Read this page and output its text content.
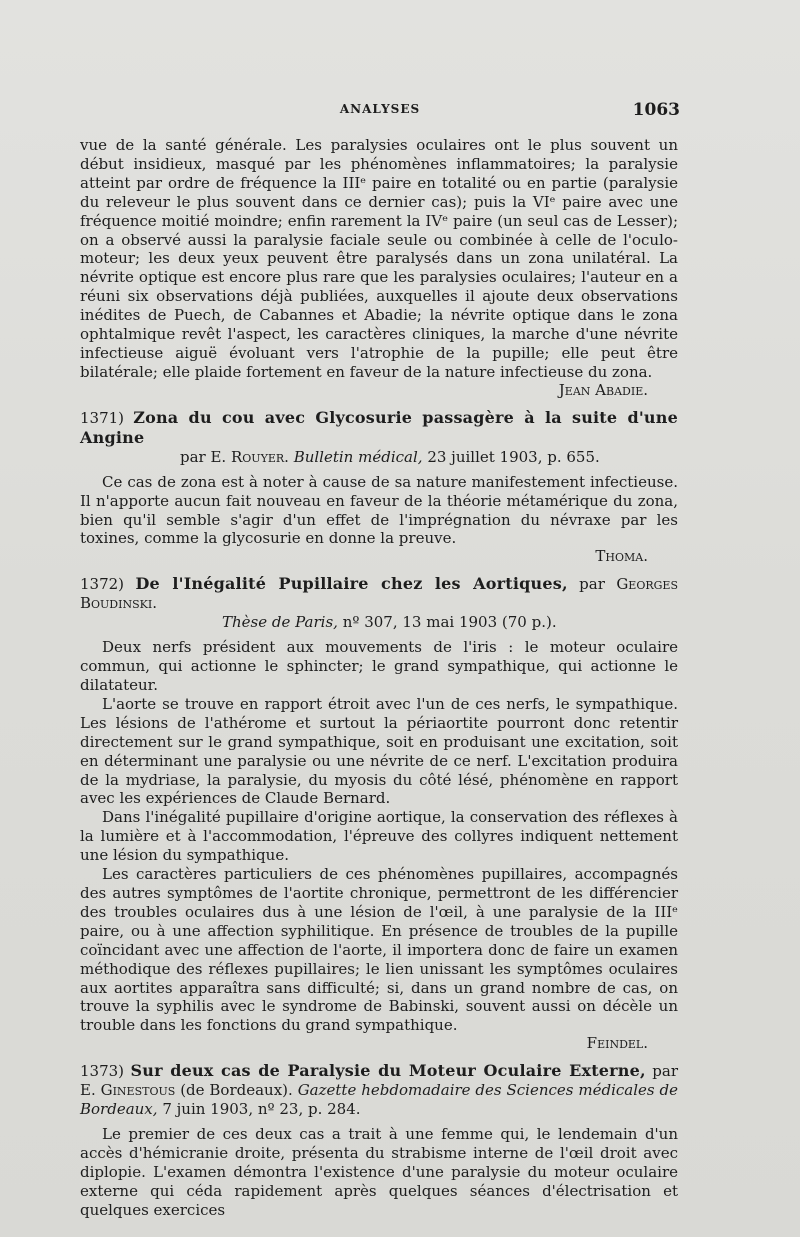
ANALYSES	1063

vue de la santé générale. Les paralysies oculaires ont le plus souvent un début insidieux, masqué par les phénomènes inflammatoires; la paralysie atteint par ordre de fréquence la IIIᵉ paire en totalité ou en partie (paralysie du releveur le plus souvent dans ce dernier cas); puis la VIᵉ paire avec une fréquence moitié moindre; enfin rarement la IVᵉ paire (un seul cas de Lesser); on a observé aussi la paralysie faciale seule ou combinée à celle de l'oculo-moteur; les deux yeux peuvent être paralysés dans un zona unilatéral. La névrite optique est encore plus rare que les paralysies oculaires; l'auteur en a réuni six observations déjà publiées, auxquelles il ajoute deux observations inédites de Puech, de Cabannes et Abadie; la névrite optique dans le zona ophtalmique revêt l'aspect, les caractères cliniques, la marche d'une névrite infectieuse aiguë évoluant vers l'atrophie de la pupille; elle peut être bilatérale; elle plaide fortement en faveur de la nature infectieuse du zona.

Jean Abadie.

1371) Zona du cou avec Glycosurie passagère à la suite d'une Angine
par E. Rouyer. Bulletin médical, 23 juillet 1903, p. 655.

Ce cas de zona est à noter à cause de sa nature manifestement infectieuse. Il n'apporte aucun fait nouveau en faveur de la théorie métamérique du zona, bien qu'il semble s'agir d'un effet de l'imprégnation du névraxe par les toxines, comme la glycosurie en donne la preuve.

Thoma.

1372) De l'Inégalité Pupillaire chez les Aortiques, par Georges Boudinski.
Thèse de Paris, nº 307, 13 mai 1903 (70 p.).

Deux nerfs président aux mouvements de l'iris : le moteur oculaire commun, qui actionne le sphincter; le grand sympathique, qui actionne le dilatateur.

L'aorte se trouve en rapport étroit avec l'un de ces nerfs, le sympathique. Les lésions de l'athérome et surtout la périaortite pourront donc retentir directement sur le grand sympathique, soit en produisant une excitation, soit en déterminant une paralysie ou une névrite de ce nerf. L'excitation produira de la mydriase, la paralysie, du myosis du côté lésé, phénomène en rapport avec les expériences de Claude Bernard.

Dans l'inégalité pupillaire d'origine aortique, la conservation des réflexes à la lumière et à l'accommodation, l'épreuve des collyres indiquent nettement une lésion du sympathique.

Les caractères particuliers de ces phénomènes pupillaires, accompagnés des autres symptômes de l'aortite chronique, permettront de les différencier des troubles oculaires dus à une lésion de l'œil, à une paralysie de la IIIᵉ paire, ou à une affection syphilitique. En présence de troubles de la pupille coïncidant avec une affection de l'aorte, il importera donc de faire un examen méthodique des réflexes pupillaires; le lien unissant les symptômes oculaires aux aortites apparaîtra sans difficulté; si, dans un grand nombre de cas, on trouve la syphilis avec le syndrome de Babinski, souvent aussi on décèle un trouble dans les fonctions du grand sympathique.

Feindel.

1373) Sur deux cas de Paralysie du Moteur Oculaire Externe, par E. Ginestous (de Bordeaux). Gazette hebdomadaire des Sciences médicales de Bordeaux, 7 juin 1903, nº 23, p. 284.

Le premier de ces deux cas a trait à une femme qui, le lendemain d'un accès d'hémicranie droite, présenta du strabisme interne de l'œil droit avec diplopie. L'examen démontra l'existence d'une paralysie du moteur oculaire externe qui céda rapidement après quelques séances d'électrisation et quelques exercices
